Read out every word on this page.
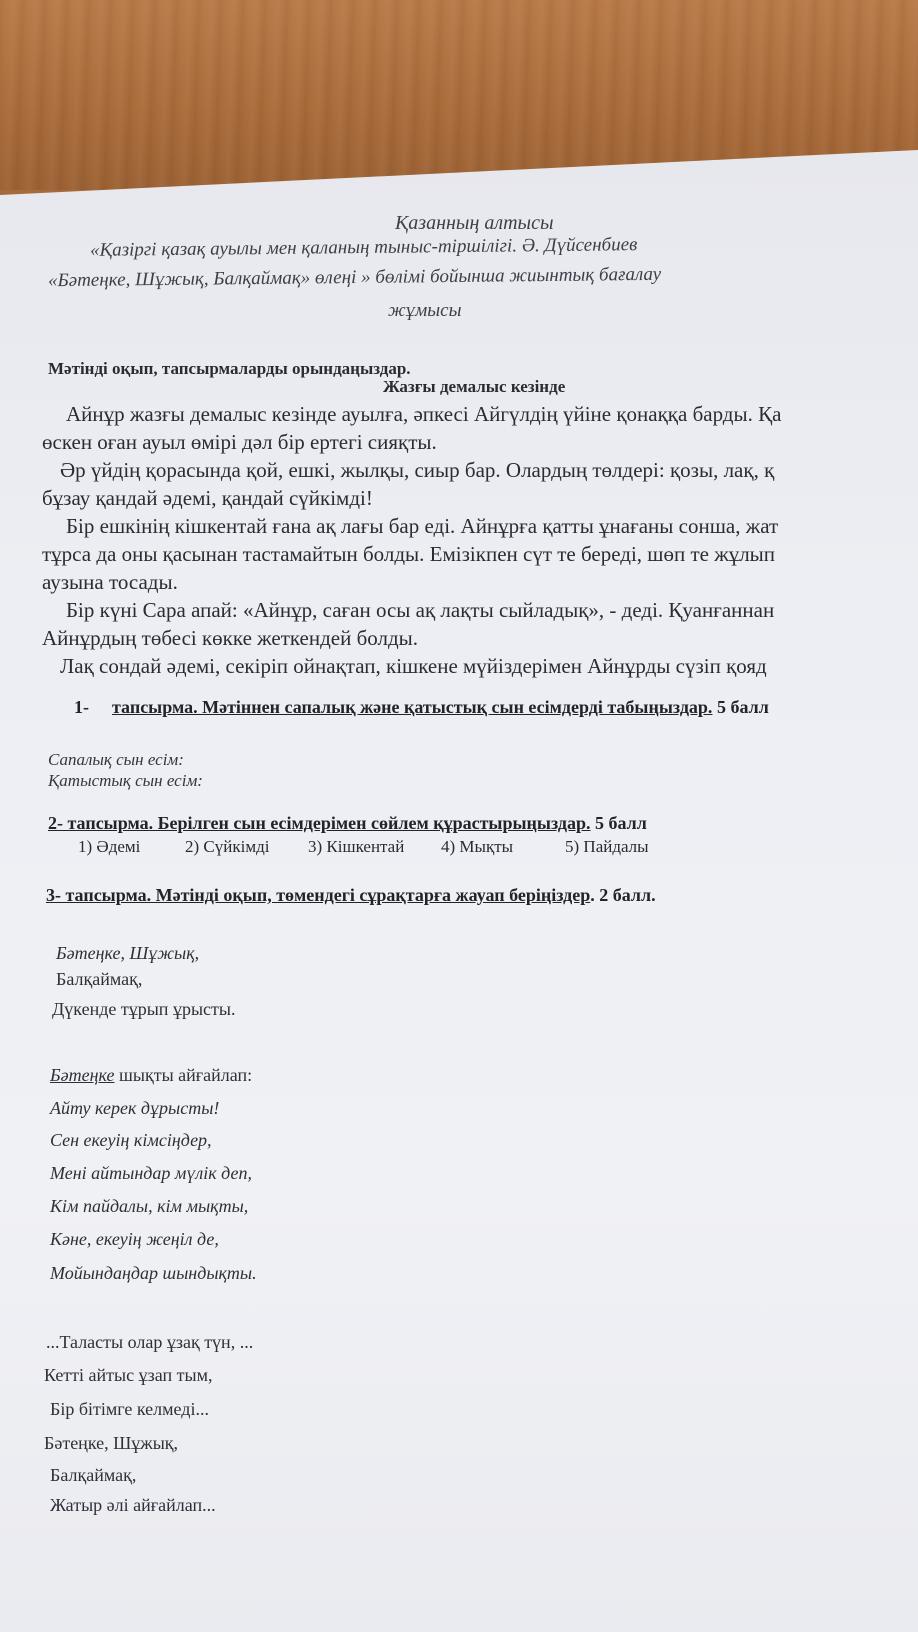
Қазанның алтысы
«Қазіргі қазақ ауылы мен қаланың тыныс-тіршілігі. Ә. Дүйсенбиев
«Бәтеңке, Шұжық, Балқаймақ» өлеңі » бөлімі бойынша жиынтық бағалау
жұмысы
Мәтінді оқып, тапсырмаларды орындаңыздар.
Жазғы демалыс кезінде
Айнұр жазғы демалыс кезінде ауылға, әпкесі Айгүлдің үйіне қонаққа барды. Қа
өскен оған ауыл өмірі дәл бір ертегі сияқты.
Әр үйдің қорасында қой, ешкі, жылқы, сиыр бар. Олардың төлдері: қозы, лақ, қ
бұзау қандай әдемі, қандай сүйкімді!
Бір ешкінің кішкентай ғана ақ лағы бар еді. Айнұрға қатты ұнағаны сонша, жат
тұрса да оны қасынан тастамайтын болды. Емізікпен сүт те береді, шөп те жұлып
аузына тосады.
Бір күні Сара апай: «Айнұр, саған осы ақ лақты сыйладық», - деді. Қуанғаннан
Айнұрдың төбесі көкке жеткендей болды.
Лақ сондай әдемі, секіріп ойнақтап, кішкене мүйіздерімен Айнұрды сүзіп қояд
1- тапсырма. Мәтіннен сапалық және қатыстық сын есімдерді табыңыздар. 5 балл
Сапалық сын есім:
Қатыстық сын есім:
2- тапсырма. Берілген сын есімдерімен сөйлем құрастырыңыздар. 5 балл
1) Әдемі	2) Сүйкімді 3) Кішкентай 4) Мықты	5) Пайдалы
3- тапсырма. Мәтінді оқып, төмендегі сұрақтарға жауап беріңіздер. 2 балл.
Бәтеңке, Шұжық,
Балқаймақ,
Дүкенде тұрып ұрысты.
Бәтеңке шықты айғайлап:
Айту керек дұрысты!
Сен екеуің кімсіңдер,
Мені айтындар мүлік деп,
Кім пайдалы, кім мықты,
Кәне, екеуің жеңіл де,
Мойындаңдар шындықты.
...Таласты олар ұзақ түн, ...
Кетті айтыс ұзап тым,
Бір бітімге келмеді...
Бәтеңке, Шұжық,
Балқаймақ,
Жатыр әлі айғайлап...
